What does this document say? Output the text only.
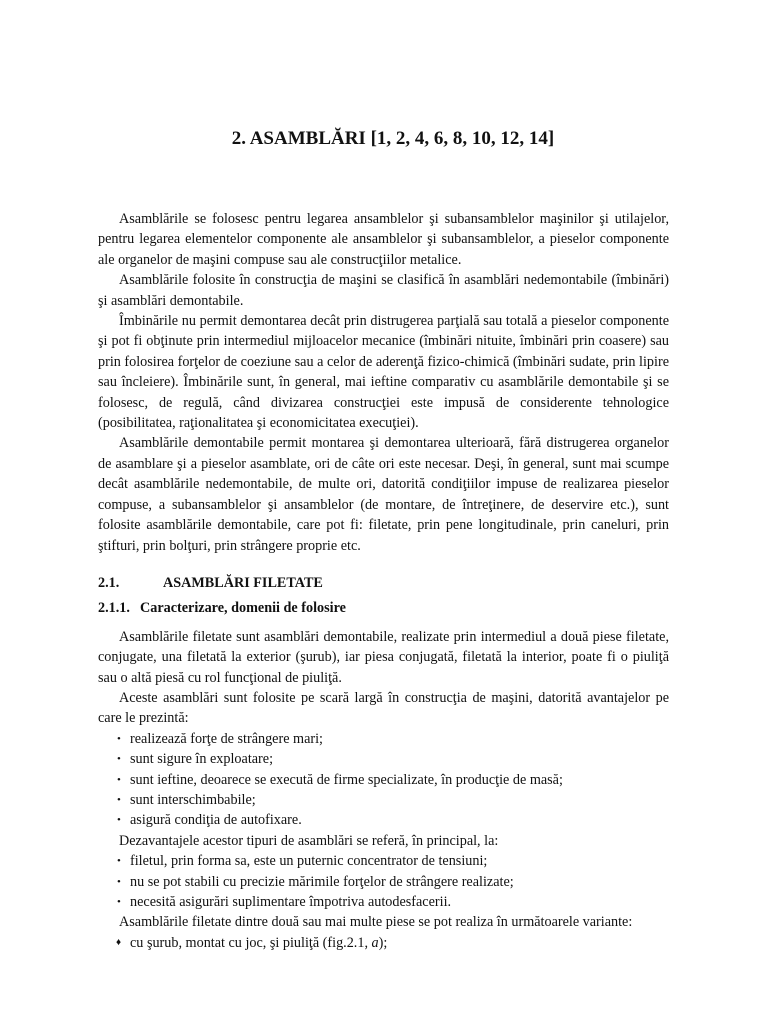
2. ASAMBLĂRI [1, 2, 4, 6, 8, 10, 12, 14]

Asamblările se folosesc pentru legarea ansamblelor şi subansamblelor maşinilor şi utilajelor, pentru legarea elementelor componente ale ansamblelor şi subansamblelor, a pieselor componente ale organelor de maşini compuse sau ale construcţiilor metalice.

Asamblările folosite în construcţia de maşini se clasifică în asamblări nedemontabile (îmbinări) şi asamblări demontabile.

Îmbinările nu permit demontarea decât prin distrugerea parţială sau totală a pieselor componente şi pot fi obţinute prin intermediul mijloacelor mecanice (îmbinări nituite, îmbinări prin coasere) sau prin folosirea forţelor de coeziune sau a celor de aderenţă fizico-chimică (îmbinări sudate, prin lipire sau încleiere). Îmbinările sunt, în general, mai ieftine comparativ cu asamblările demontabile şi se folosesc, de regulă, când divizarea construcţiei este impusă de considerente tehnologice (posibilitatea, raţionalitatea şi economicitatea execuţiei).

Asamblările demontabile permit montarea şi demontarea ulterioară, fără distrugerea organelor de asamblare şi a pieselor asamblate, ori de câte ori este necesar. Deşi, în general, sunt mai scumpe decât asamblările nedemontabile, de multe ori, datorită condiţiilor impuse de realizarea pieselor compuse, a subansamblelor şi ansamblelor (de montare, de întreţinere, de deservire etc.), sunt folosite asamblările demontabile, care pot fi: filetate, prin pene longitudinale, prin caneluri, prin ştifturi, prin bolţuri, prin strângere proprie etc.

2.1.	ASAMBLĂRI FILETATE
2.1.1. Caracterizare, domenii de folosire

Asamblările filetate sunt asamblări demontabile, realizate prin intermediul a două piese filetate, conjugate, una filetată la exterior (şurub), iar piesa conjugată, filetată la interior, poate fi o piuliţă sau o altă piesă cu rol funcţional de piuliţă.

Aceste asamblări sunt folosite pe scară largă în construcţia de maşini, datorită avantajelor pe care le prezintă:

• realizează forţe de strângere mari;
• sunt sigure în exploatare;
• sunt ieftine, deoarece se execută de firme specializate, în producţie de masă;
• sunt interschimbabile;
• asigură condiţia de autofixare.

Dezavantajele acestor tipuri de asamblări se referă, în principal, la:

• filetul, prin forma sa, este un puternic concentrator de tensiuni;
• nu se pot stabili cu precizie mărimile forţelor de strângere realizate;
• necesită asigurări suplimentare împotriva autodesfacerii.

Asamblările filetate dintre două sau mai multe piese se pot realiza în următoarele variante:

♦ cu şurub, montat cu joc, şi piuliţă (fig.2.1, a);
